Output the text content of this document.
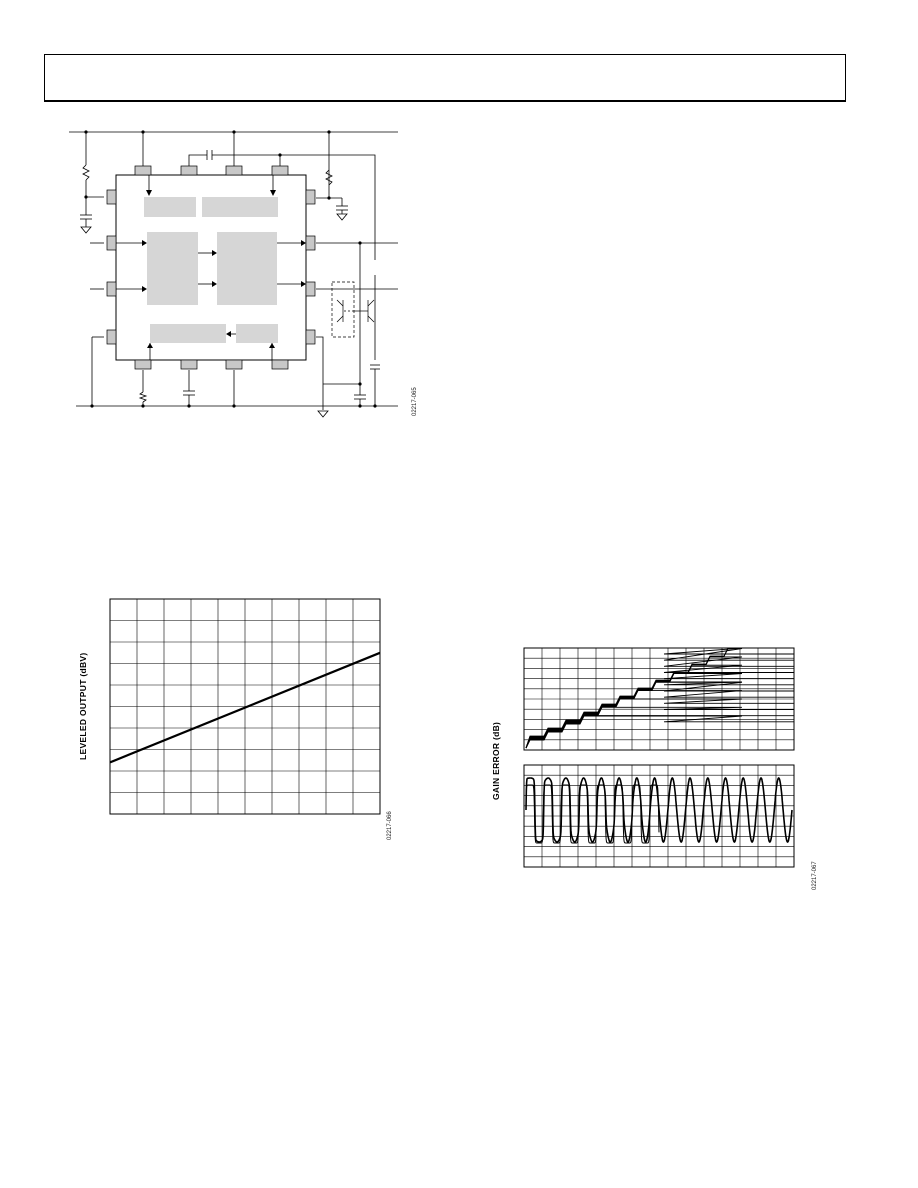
02217-065
LEVELED OUTPUT (dBV)
02217-066
GAIN ERROR (dB)
02217-067
